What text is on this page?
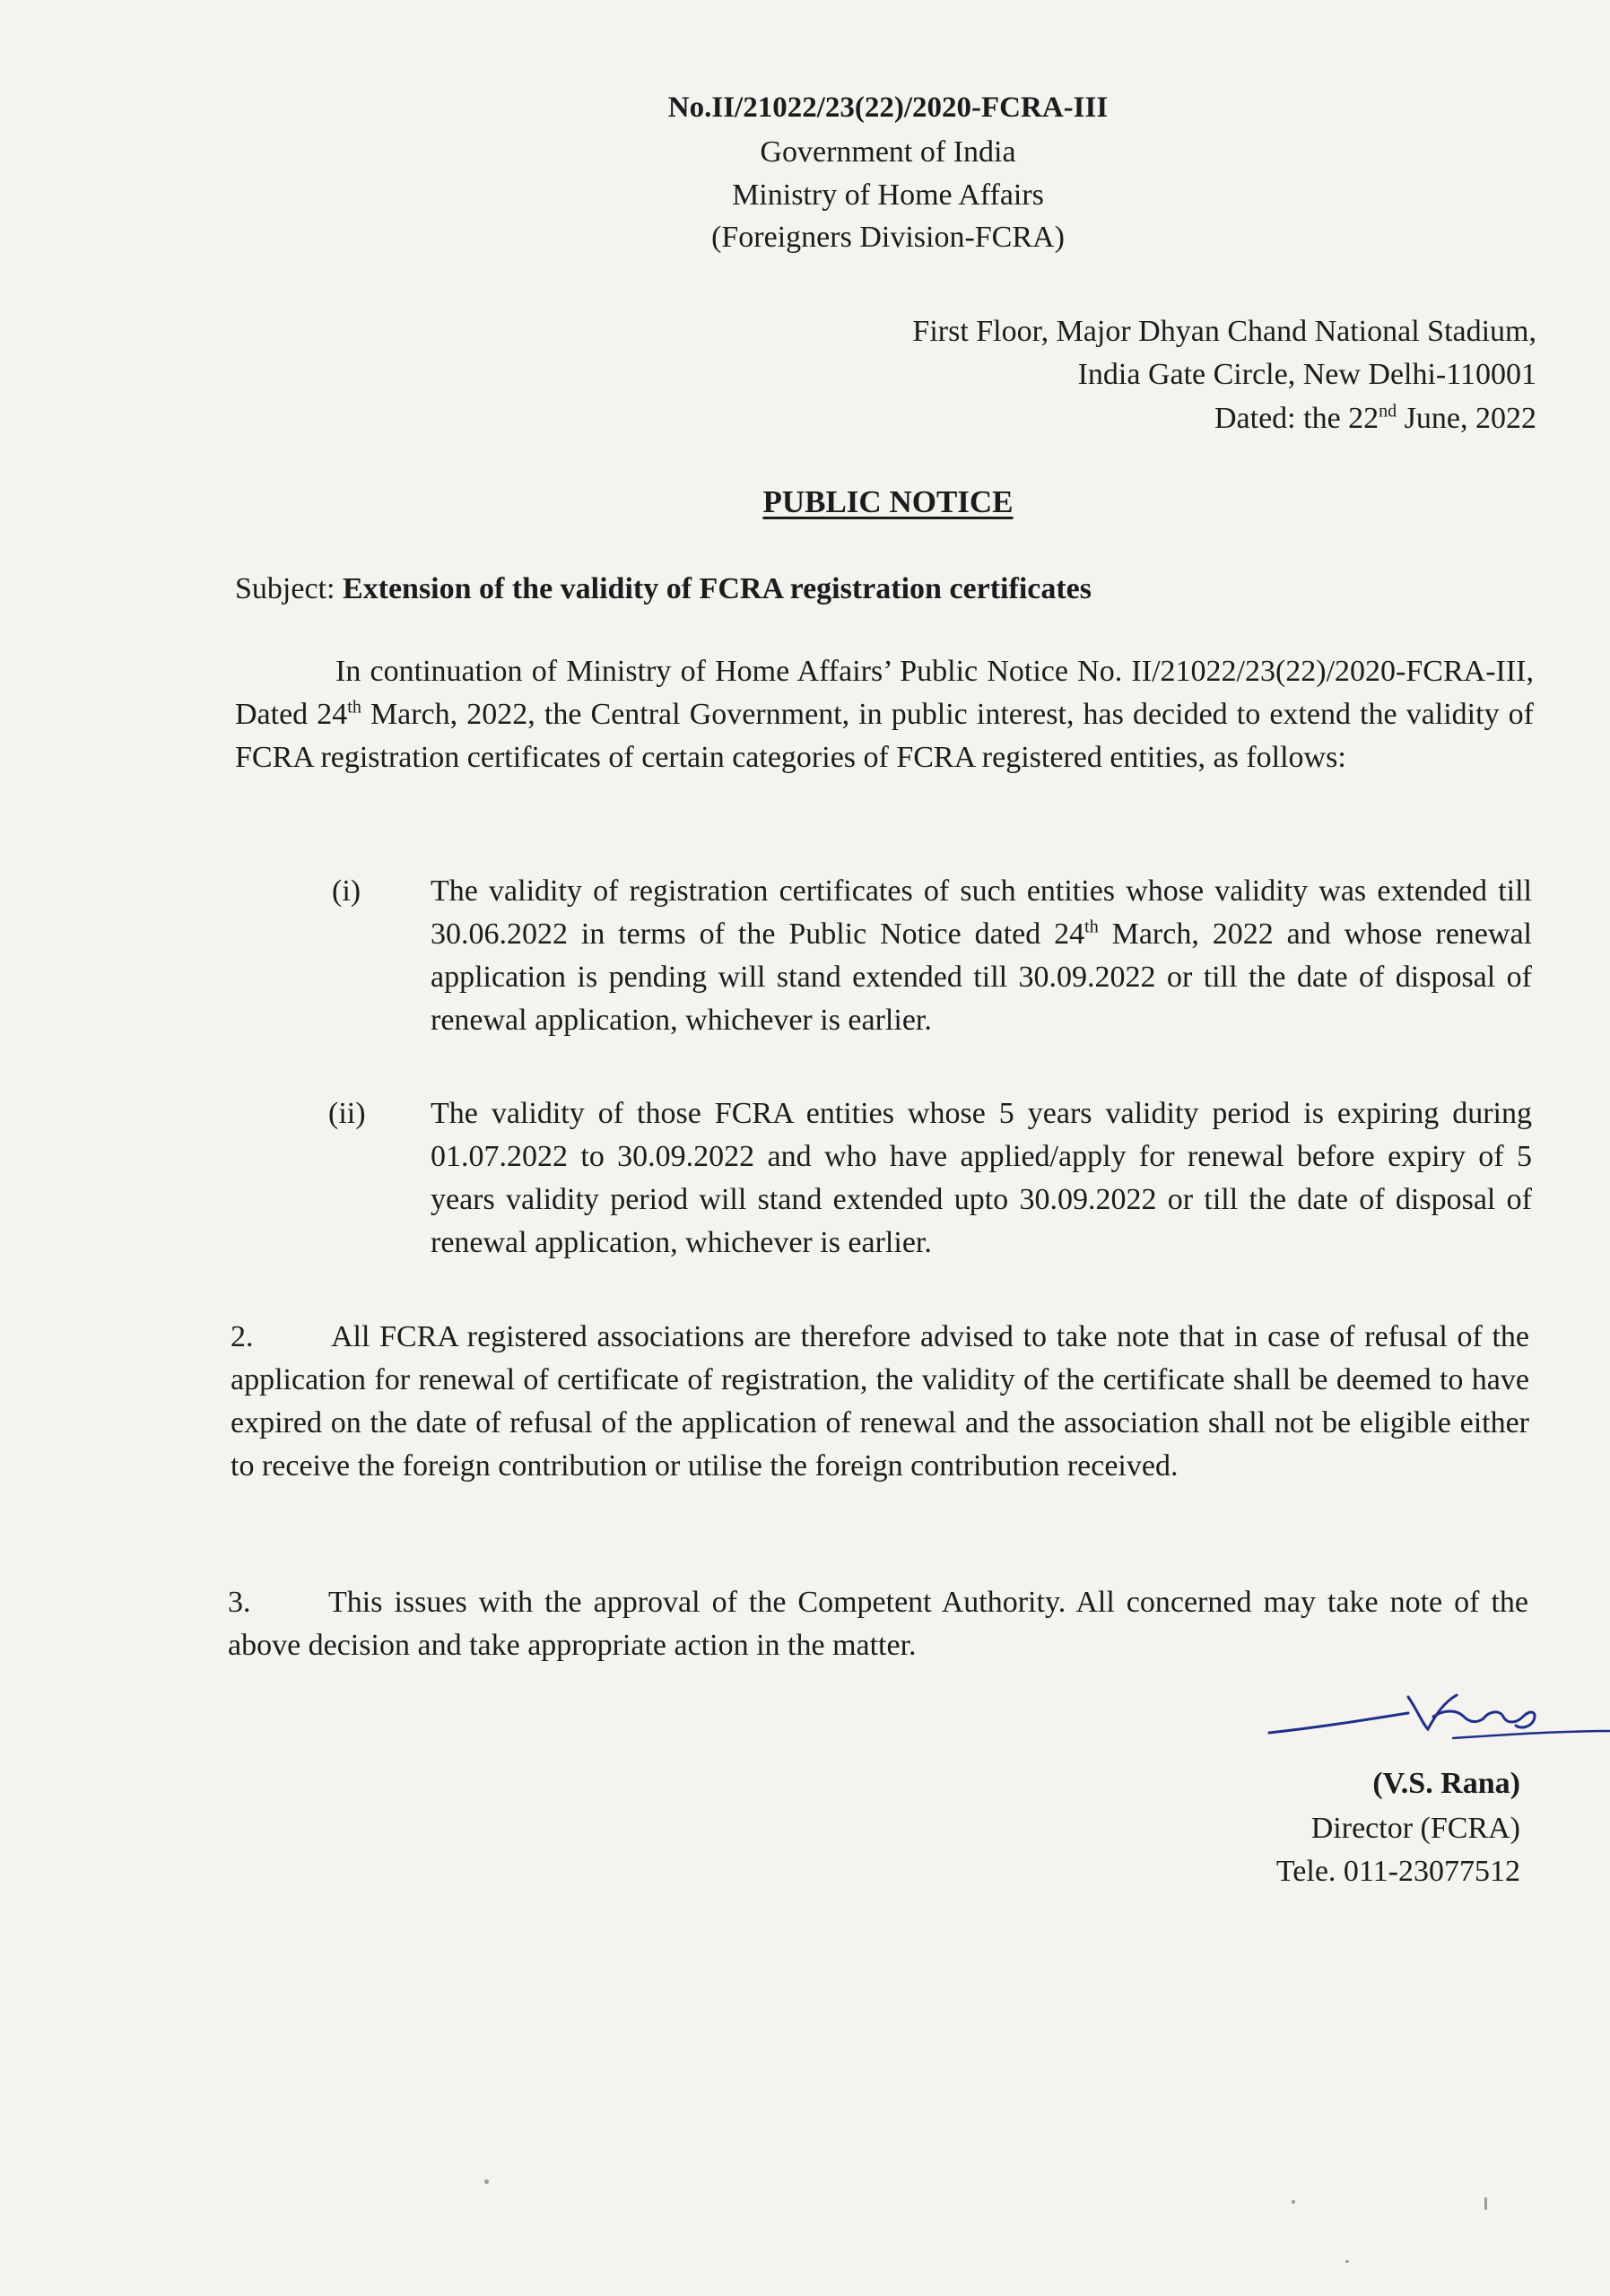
No.II/21022/23(22)/2020-FCRA-III

Government of India

Ministry of Home Affairs

(Foreigners Division-FCRA)

First Floor, Major Dhyan Chand National Stadium,

India Gate Circle, New Delhi-110001

Dated: the 22nd June, 2022

PUBLIC NOTICE

Subject: Extension of the validity of FCRA registration certificates

In continuation of Ministry of Home Affairs’ Public Notice No. II/21022/23(22)/2020-FCRA-III, Dated 24th March, 2022, the Central Government, in public interest, has decided to extend the validity of FCRA registration certificates of certain categories of FCRA registered entities, as follows:

(i) The validity of registration certificates of such entities whose validity was extended till 30.06.2022 in terms of the Public Notice dated 24th March, 2022 and whose renewal application is pending will stand extended till 30.09.2022 or till the date of disposal of renewal application, whichever is earlier.

(ii) The validity of those FCRA entities whose 5 years validity period is expiring during 01.07.2022 to 30.09.2022 and who have applied/apply for renewal before expiry of 5 years validity period will stand extended upto 30.09.2022 or till the date of disposal of renewal application, whichever is earlier.

2.	All FCRA registered associations are therefore advised to take note that in case of refusal of the application for renewal of certificate of registration, the validity of the certificate shall be deemed to have expired on the date of refusal of the application of renewal and the association shall not be eligible either to receive the foreign contribution or utilise the foreign contribution received.

3.	This issues with the approval of the Competent Authority. All concerned may take note of the above decision and take appropriate action in the matter.

(V.S. Rana)

Director (FCRA)

Tele. 011-23077512
